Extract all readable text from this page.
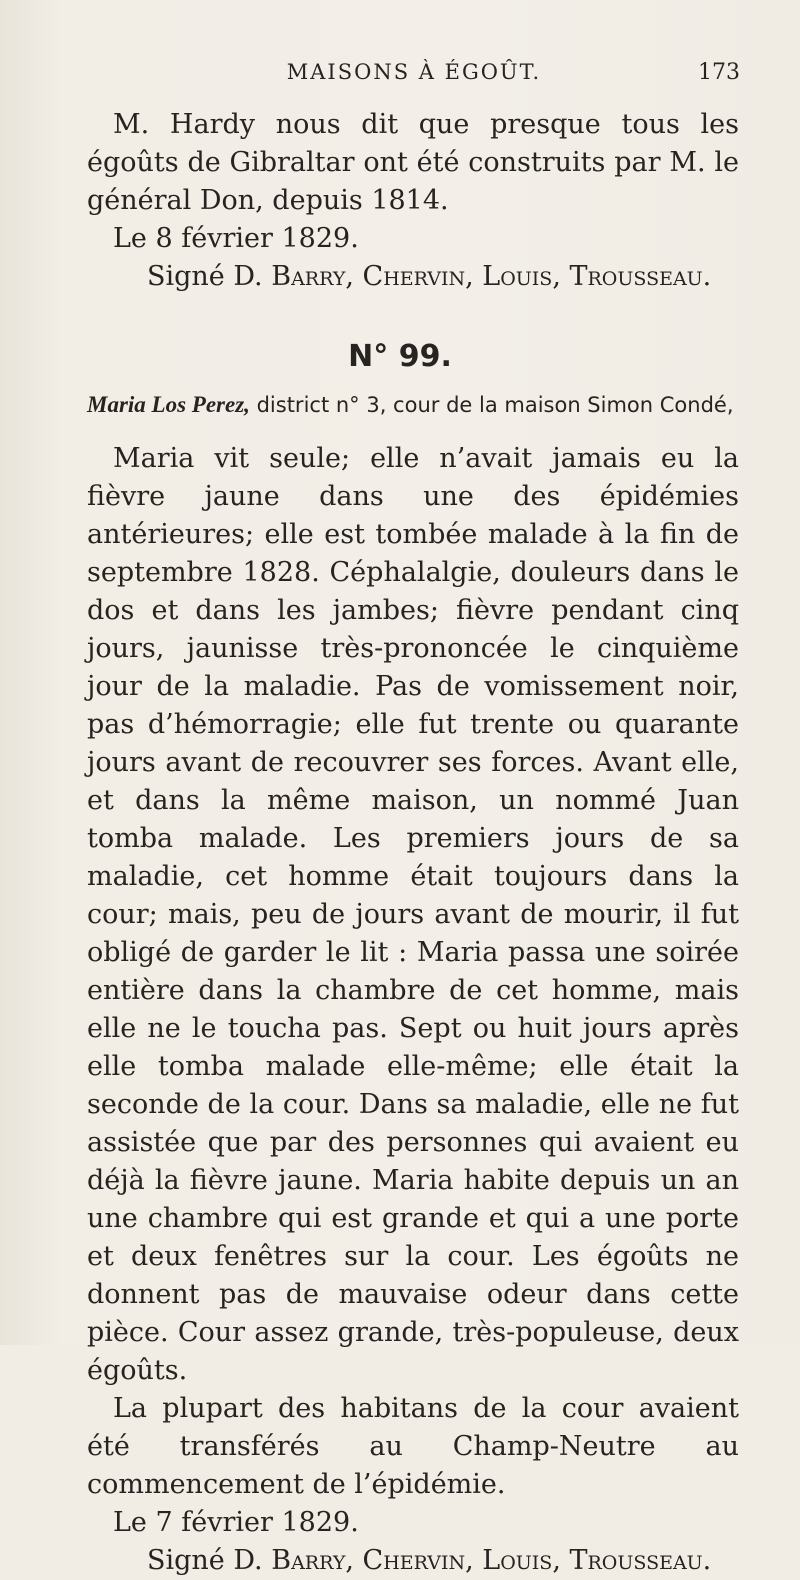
MAISONS À ÉGOÛT.	173

M. Hardy nous dit que presque tous les égoûts de Gibraltar ont été construits par M. le général Don, depuis 1814.

Le 8 février 1829.

Signé D. Barry, Chervin, Louis, Trousseau.

N° 99.
Maria Los Perez, district n° 3, cour de la maison Simon Condé,

Maria vit seule; elle n’avait jamais eu la fièvre jaune dans une des épidémies antérieures; elle est tombée malade à la fin de septembre 1828. Céphalalgie, douleurs dans le dos et dans les jambes; fièvre pendant cinq jours, jaunisse très-prononcée le cinquième jour de la maladie. Pas de vomissement noir, pas d’hémorragie; elle fut trente ou quarante jours avant de recouvrer ses forces. Avant elle, et dans la même maison, un nommé Juan tomba malade. Les premiers jours de sa maladie, cet homme était toujours dans la cour; mais, peu de jours avant de mourir, il fut obligé de garder le lit : Maria passa une soirée entière dans la chambre de cet homme, mais elle ne le toucha pas. Sept ou huit jours après elle tomba malade elle-même; elle était la seconde de la cour. Dans sa maladie, elle ne fut assistée que par des personnes qui avaient eu déjà la fièvre jaune. Maria habite depuis un an une chambre qui est grande et qui a une porte et deux fenêtres sur la cour. Les égoûts ne donnent pas de mauvaise odeur dans cette pièce. Cour assez grande, très-populeuse, deux égoûts.

La plupart des habitans de la cour avaient été transférés au Champ-Neutre au commencement de l’épidémie.

Le 7 février 1829.

Signé D. Barry, Chervin, Louis, Trousseau.
